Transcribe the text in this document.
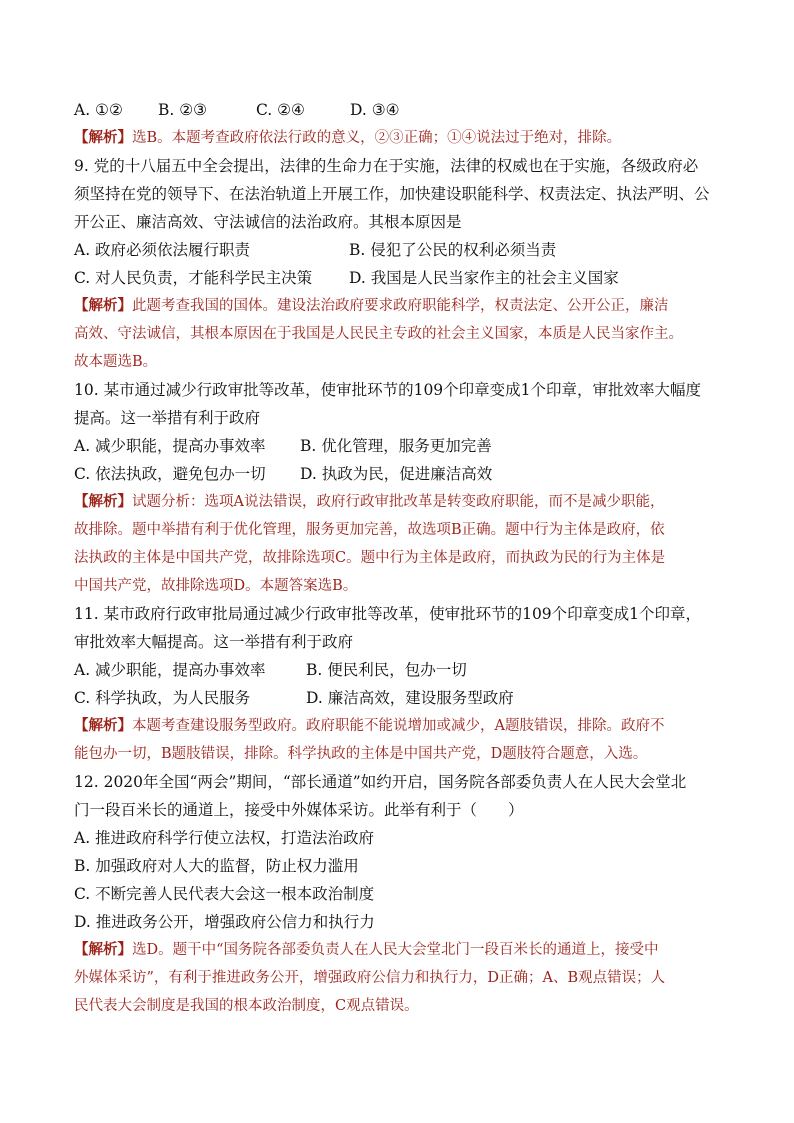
A. ①② B. ②③	C. ②④	D. ③④
【解析】选B。本题考查政府依法行政的意义，②③正确；①④说法过于绝对，排除。
9. 党的十八届五中全会提出，法律的生命力在于实施，法律的权威也在于实施，各级政府必
须坚持在党的领导下、在法治轨道上开展工作，加快建设职能科学、权责法定、执法严明、公
开公正、廉洁高效、守法诚信的法治政府。其根本原因是
A. 政府必须依法履行职责	B. 侵犯了公民的权利必须当责
C. 对人民负责，才能科学民主决策	D. 我国是人民当家作主的社会主义国家
【解析】此题考查我国的国体。建设法治政府要求政府职能科学，权责法定、公开公正，廉洁
高效、守法诚信，其根本原因在于我国是人民民主专政的社会主义国家，本质是人民当家作主。
故本题选B。
10. 某市通过减少行政审批等改革，使审批环节的109个印章变成1个印章，审批效率大幅度
提高。这一举措有利于政府
A. 减少职能，提高办事效率	B. 优化管理，服务更加完善
C. 依法执政，避免包办一切	D. 执政为民，促进廉洁高效
【解析】试题分析：选项A说法错误，政府行政审批改革是转变政府职能，而不是减少职能，
故排除。题中举措有利于优化管理，服务更加完善，故选项B正确。题中行为主体是政府，依
法执政的主体是中国共产党，故排除选项C。题中行为主体是政府，而执政为民的行为主体是
中国共产党，故排除选项D。本题答案选B。
11. 某市政府行政审批局通过减少行政审批等改革，使审批环节的109个印章变成1个印章，
审批效率大幅提高。这一举措有利于政府
A. 减少职能，提高办事效率	B. 便民利民，包办一切
C. 科学执政，为人民服务	D. 廉洁高效，建设服务型政府
【解析】本题考查建设服务型政府。政府职能不能说增加或减少，A题肢错误，排除。政府不
能包办一切，B题肢错误，排除。科学执政的主体是中国共产党，D题肢符合题意，入选。
12. 2020年全国“两会”期间，“部长通道”如约开启，国务院各部委负责人在人民大会堂北
门一段百米长的通道上，接受中外媒体采访。此举有利于（　　）
A. 推进政府科学行使立法权，打造法治政府
B. 加强政府对人大的监督，防止权力滥用
C. 不断完善人民代表大会这一根本政治制度
D. 推进政务公开，增强政府公信力和执行力
【解析】选D。题干中“国务院各部委负责人在人民大会堂北门一段百米长的通道上，接受中
外媒体采访”，有利于推进政务公开，增强政府公信力和执行力，D正确；A、B观点错误；人
民代表大会制度是我国的根本政治制度，C观点错误。
